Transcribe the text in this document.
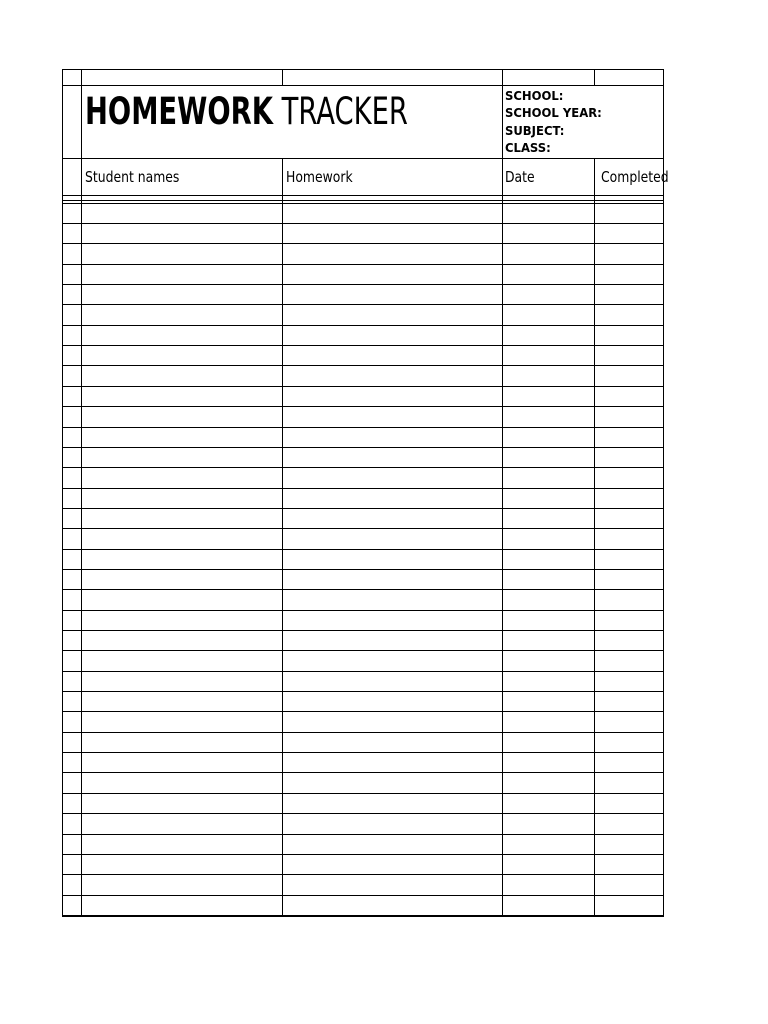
HOMEWORK TRACKER	SCHOOL:
SCHOOL YEAR:
SUBJECT:
CLASS:
Student names	Homework	Date	Completed
